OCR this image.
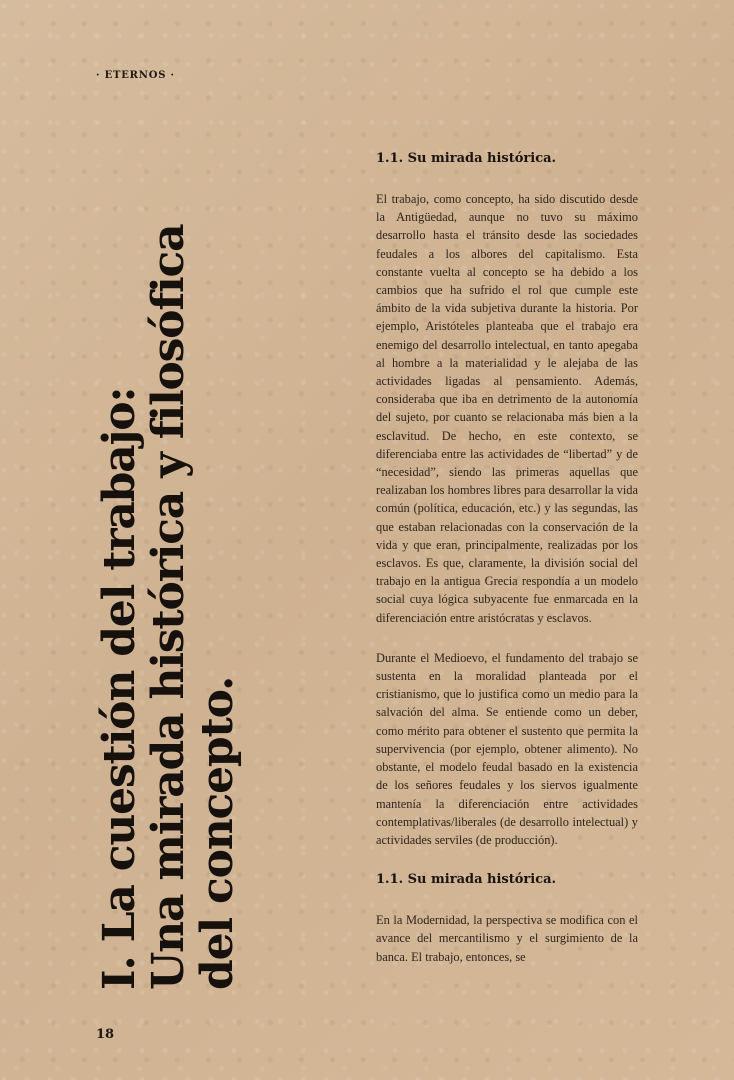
· ETERNOS ·
I. La cuestión del trabajo:
Una mirada histórica y filosófica
del concepto.
1.1. Su mirada histórica.

El trabajo, como concepto, ha sido discutido desde la Antigüedad, aunque no tuvo su máximo desarrollo hasta el tránsito desde las sociedades feudales a los albores del capitalismo. Esta constante vuelta al concepto se ha debido a los cambios que ha sufrido el rol que cumple este ámbito de la vida subjetiva durante la historia. Por ejemplo, Aristóteles planteaba que el trabajo era enemigo del desarrollo intelectual, en tanto apegaba al hombre a la materialidad y le alejaba de las actividades ligadas al pensamiento. Además, consideraba que iba en detrimento de la autonomía del sujeto, por cuanto se relacionaba más bien a la esclavitud. De hecho, en este contexto, se diferenciaba entre las actividades de “libertad” y de “necesidad”, siendo las primeras aquellas que realizaban los hombres libres para desarrollar la vida común (política, educación, etc.) y las segundas, las que estaban relacionadas con la conservación de la vida y que eran, principalmente, realizadas por los esclavos. Es que, claramente, la división social del trabajo en la antigua Grecia respondía a un modelo social cuya lógica subyacente fue enmarcada en la diferenciación entre aristócratas y esclavos.

Durante el Medioevo, el fundamento del trabajo se sustenta en la moralidad planteada por el cristianismo, que lo justifica como un medio para la salvación del alma. Se entiende como un deber, como mérito para obtener el sustento que permita la supervivencia (por ejemplo, obtener alimento). No obstante, el modelo feudal basado en la existencia de los señores feudales y los siervos igualmente mantenía la diferenciación entre actividades contemplativas/liberales (de desarrollo intelectual) y actividades serviles (de producción).

1.1. Su mirada histórica.

En la Modernidad, la perspectiva se modifica con el avance del mercantilismo y el surgimiento de la banca. El trabajo, entonces, se

18
